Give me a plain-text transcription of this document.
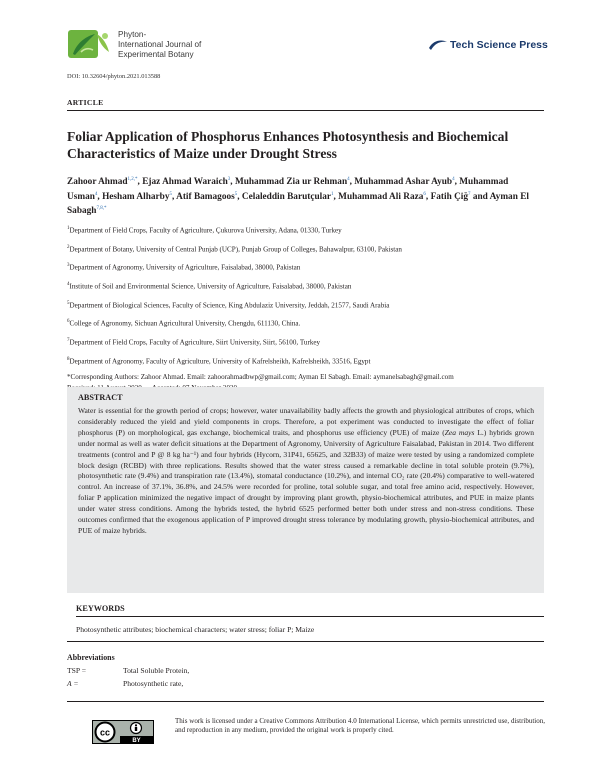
Phyton-
International Journal of
Experimental Botany
Tech Science Press
DOI: 10.32604/phyton.2021.013588
ARTICLE
Foliar Application of Phosphorus Enhances Photosynthesis and Biochemical Characteristics of Maize under Drought Stress
Zahoor Ahmad$^{1,2,*}$, Ejaz Ahmad Waraich$^3$, Muhammad Zia ur Rehman$^4$, Muhammad Ashar Ayub$^4$, Muhammad Usman$^4$, Hesham Alharby$^5$, Atif Bamagoos$^5$, Celaleddin Barutçular$^1$, Muhammad Ali Raza$^6$, Fatih Çiğ$^7$ and Ayman El Sabagh$^{7,8,*}$
$^1$Department of Field Crops, Faculty of Agriculture, Çukurova University, Adana, 01330, Turkey
$^2$Department of Botany, University of Central Punjab (UCP), Punjab Group of Colleges, Bahawalpur, 63100, Pakistan
$^3$Department of Agronomy, University of Agriculture, Faisalabad, 38000, Pakistan
$^4$Institute of Soil and Environmental Science, University of Agriculture, Faisalabad, 38000, Pakistan
$^5$Department of Biological Sciences, Faculty of Science, King Abdulaziz University, Jeddah, 21577, Saudi Arabia
$^6$College of Agronomy, Sichuan Agricultural University, Chengdu, 611130, China.
$^7$Department of Field Crops, Faculty of Agriculture, Siirt University, Siirt, 56100, Turkey
$^8$Department of Agronomy, Faculty of Agriculture, University of Kafrelsheikh, Kafrelsheikh, 33516, Egypt
*Corresponding Authors: Zahoor Ahmad. Email: zahoorahmadbwp@gmail.com; Ayman El Sabagh. Email: aymanelsabagh@gmail.com
ABSTRACT
Water is essential for the growth period of crops; however, water unavailability badly affects the growth and physiological attributes of crops, which considerably reduced the yield and yield components in crops. Therefore, a pot experiment was conducted to investigate the effect of foliar phosphorus (P) on morphological, gas exchange, biochemical traits, and phosphorus use efficiency (PUE) of maize (Zea mays L.) hybrids grown under normal as well as water deficit situations at the Department of Agronomy, University of Agriculture Faisalabad, Pakistan in 2014. Two different treatments (control and P @ 8 kg ha⁻¹) and four hybrids (Hycorn, 31P41, 65625, and 32B33) of maize were tested by using a randomized complete block design (RCBD) with three replications. Results showed that the water stress caused a remarkable decline in total soluble protein (9.7%), photosynthetic rate (9.4%) and transpiration rate (13.4%), stomatal conductance (10.2%), and internal CO₂ rate (20.4%) comparative to well-watered control. An increase of 37.1%, 36.8%, and 24.5% were recorded for proline, total soluble sugar, and total free amino acid, respectively. However, foliar P application minimized the negative impact of drought by improving plant growth, physio-biochemical attributes, and PUE in maize plants under water stress conditions. Among the hybrids tested, the hybrid 6525 performed better both under stress and non-stress conditions. These outcomes confirmed that the exogenous application of P improved drought stress tolerance by modulating growth, physio-biochemical attributes, and PUE of maize hybrids.
KEYWORDS
Photosynthetic attributes; biochemical characters; water stress; foliar P; Maize
Abbreviations
TSP =	Total Soluble Protein,
A =	Photosynthetic rate,
cc
BY
This work is licensed under a Creative Commons Attribution 4.0 International License, which permits unrestricted use, distribution, and reproduction in any medium, provided the original work is properly cited.
